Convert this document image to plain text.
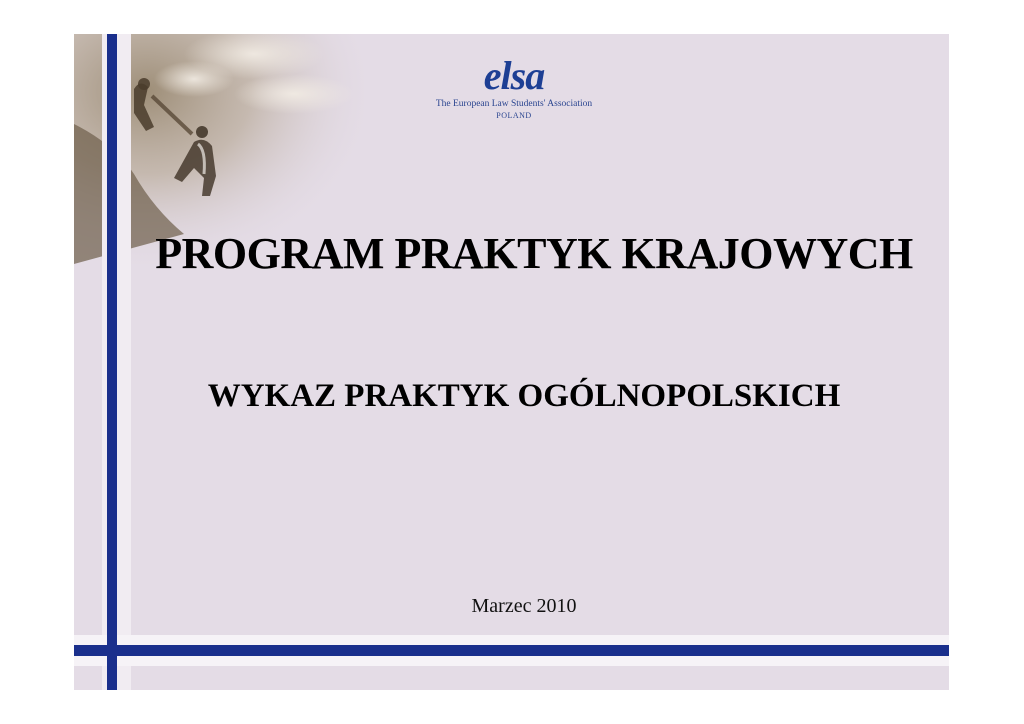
elsa
The European Law Students' Association
POLAND
PROGRAM PRAKTYK KRAJOWYCH
WYKAZ PRAKTYK OGÓLNOPOLSKICH
Marzec 2010
